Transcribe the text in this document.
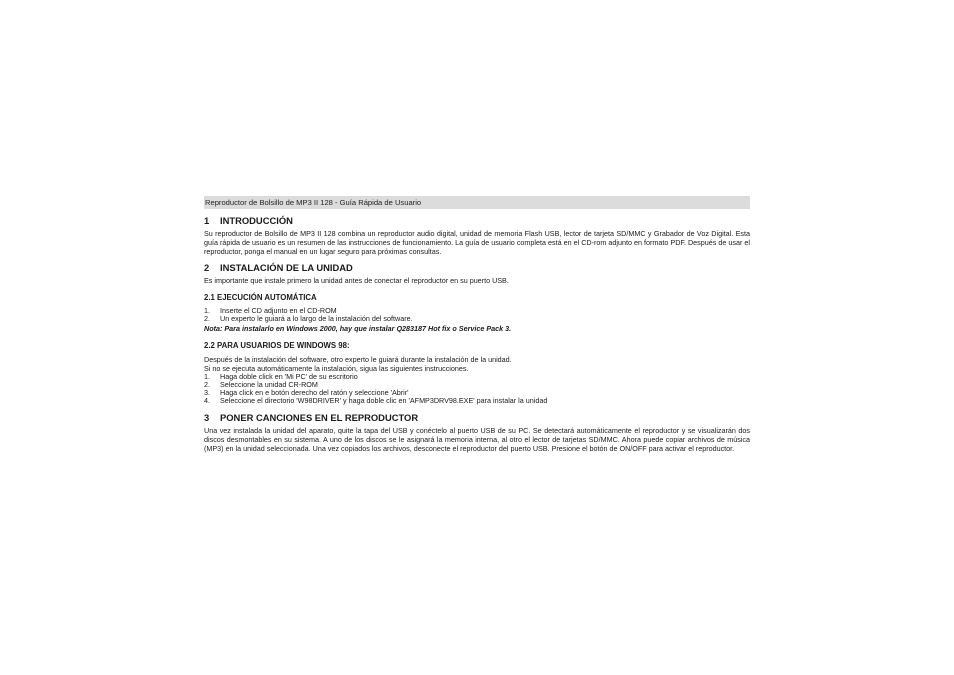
Reproductor de Bolsillo de MP3 II 128 - Guía Rápida de Usuario
1 INTRODUCCIÓN

Su reproductor de Bolsillo de MP3 II 128 combina un reproductor audio digital, unidad de memoria Flash USB, lector de tarjeta SD/MMC y Grabador de Voz Digital. Esta guía rápida de usuario es un resumen de las instrucciones de funcionamiento. La guía de usuario completa está en el CD-rom adjunto en formato PDF. Después de usar el reproductor, ponga el manual en un lugar seguro para próximas consultas.

2 INSTALACIÓN DE LA UNIDAD

Es importante que instale primero la unidad antes de conectar el reproductor en su puerto USB.

2.1 EJECUCIÓN AUTOMÁTICA
1. Inserte el CD adjunto en el CD-ROM
2. Un experto le guiará a lo largo de la instalación del software.
Nota: Para instalarlo en Windows 2000, hay que instalar Q283187 Hot fix o Service Pack 3.
2.2 PARA USUARIOS DE WINDOWS 98:

Después de la instalación del software, otro experto le guiará durante la instalación de la unidad.

Si no se ejecuta automáticamente la instalación, sigua las siguientes instrucciones.

1. Haga doble click en 'Mi PC' de su escritorio
2. Seleccione la unidad CR-ROM
3. Haga click en e botón derecho del ratón y seleccione 'Abrir'
4. Seleccione el directorio 'W98DRIVER' y haga doble clic en 'AFMP3DRV98.EXE' para instalar la unidad
3 PONER CANCIONES EN EL REPRODUCTOR

Una vez instalada la unidad del aparato, quite la tapa del USB y conéctelo al puerto USB de su PC. Se detectará automáticamente el reproductor y se visualizarán dos discos desmontables en su sistema. A uno de los discos se le asignará la memoria interna, al otro el lector de tarjetas SD/MMC. Ahora puede copiar archivos de música (MP3) en la unidad seleccionada. Una vez copiados los archivos, desconecte el reproductor del puerto USB. Presione el botón de ON/OFF para activar el reproductor.
